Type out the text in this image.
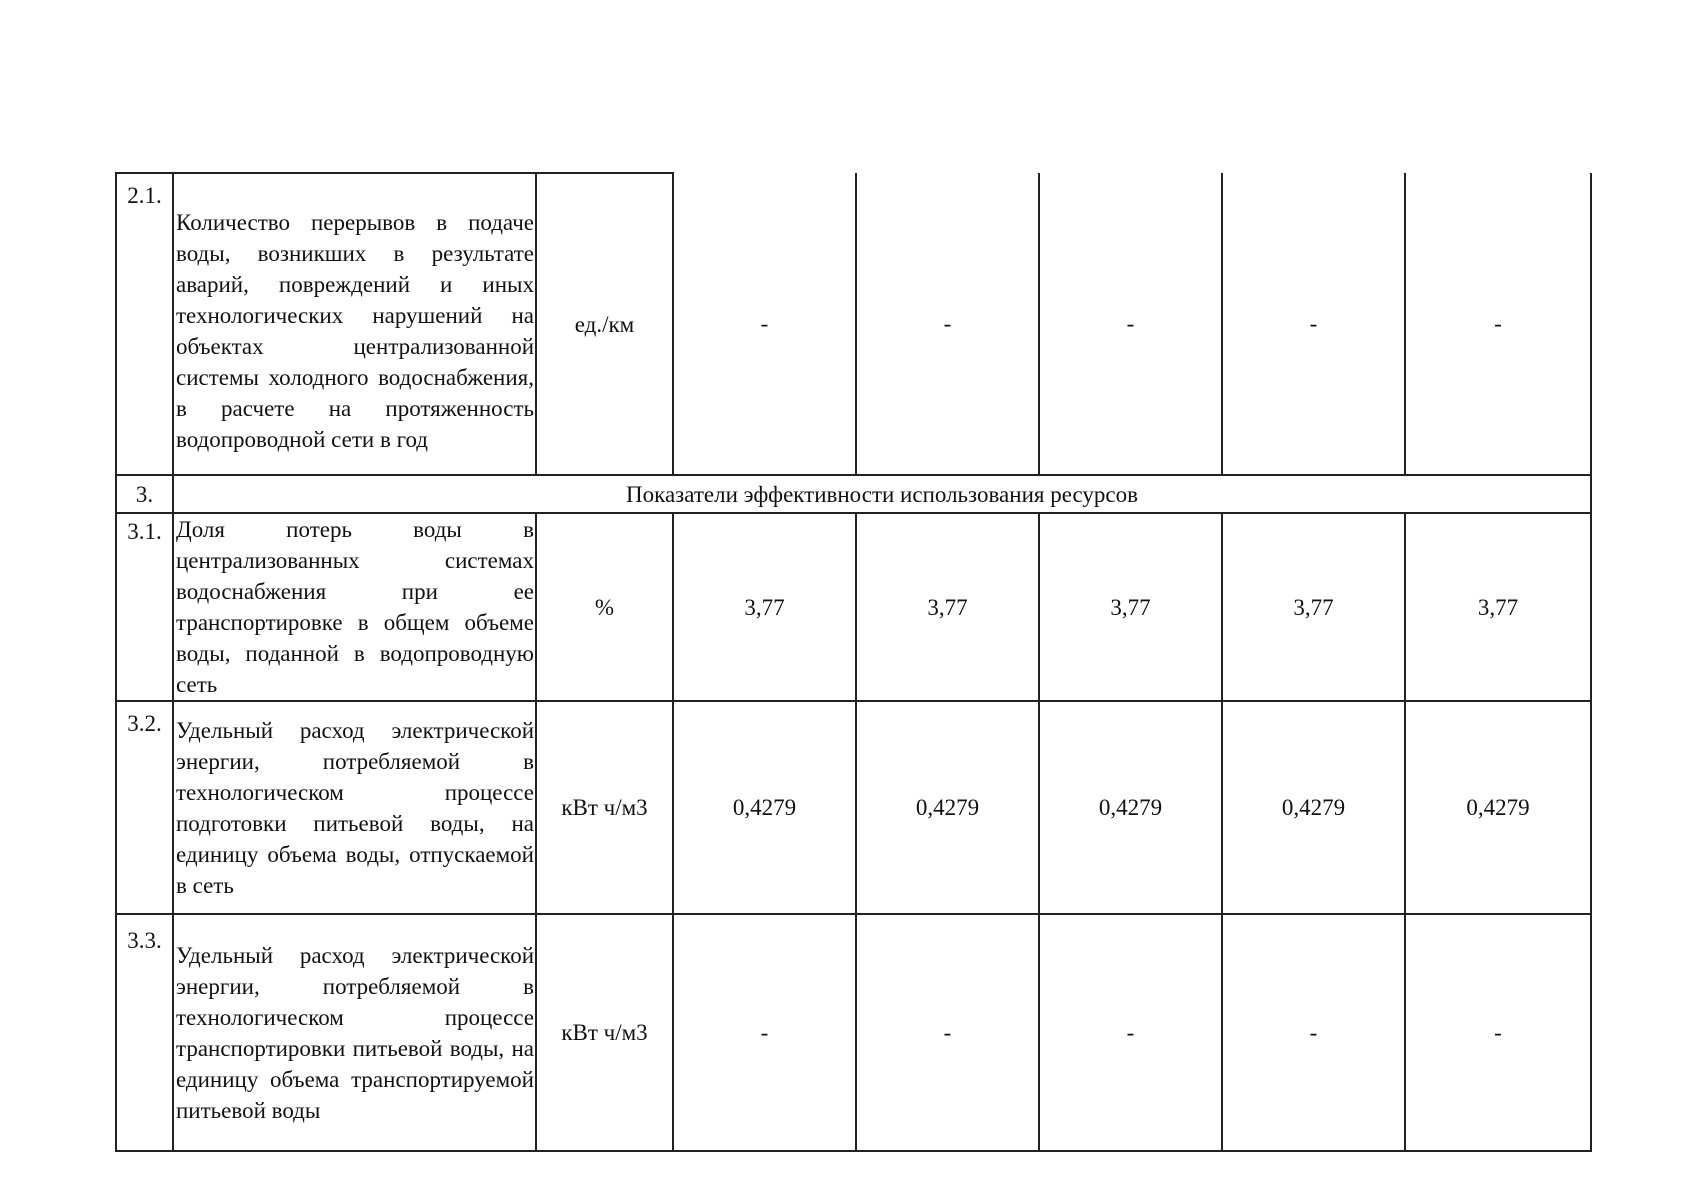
2.1.	Количество перерывов в подаче воды, возникших в результате аварий, повреждений и иных технологических нарушений на объектах централизованной системы холодного водоснабжения, в расчете на протяженность водопроводной сети в год	ед./км	-	-	-	-	-
3.	Показатели эффективности использования ресурсов						
3.1.	Доля потерь воды в централизованных системах водоснабжения при ее транспортировке в общем объеме воды, поданной в водопроводную сеть	%	3,77	3,77	3,77	3,77	3,77
3.2.	Удельный расход электрической энергии, потребляемой в технологическом процессе подготовки питьевой воды, на единицу объема воды, отпускаемой в сеть	кВт ч/м3	0,4279	0,4279	0,4279	0,4279	0,4279
3.3.	Удельный расход электрической энергии, потребляемой в технологическом процессе транспортировки питьевой воды, на единицу объема транспортируемой питьевой воды	кВт ч/м3	-	-	-	-	-
